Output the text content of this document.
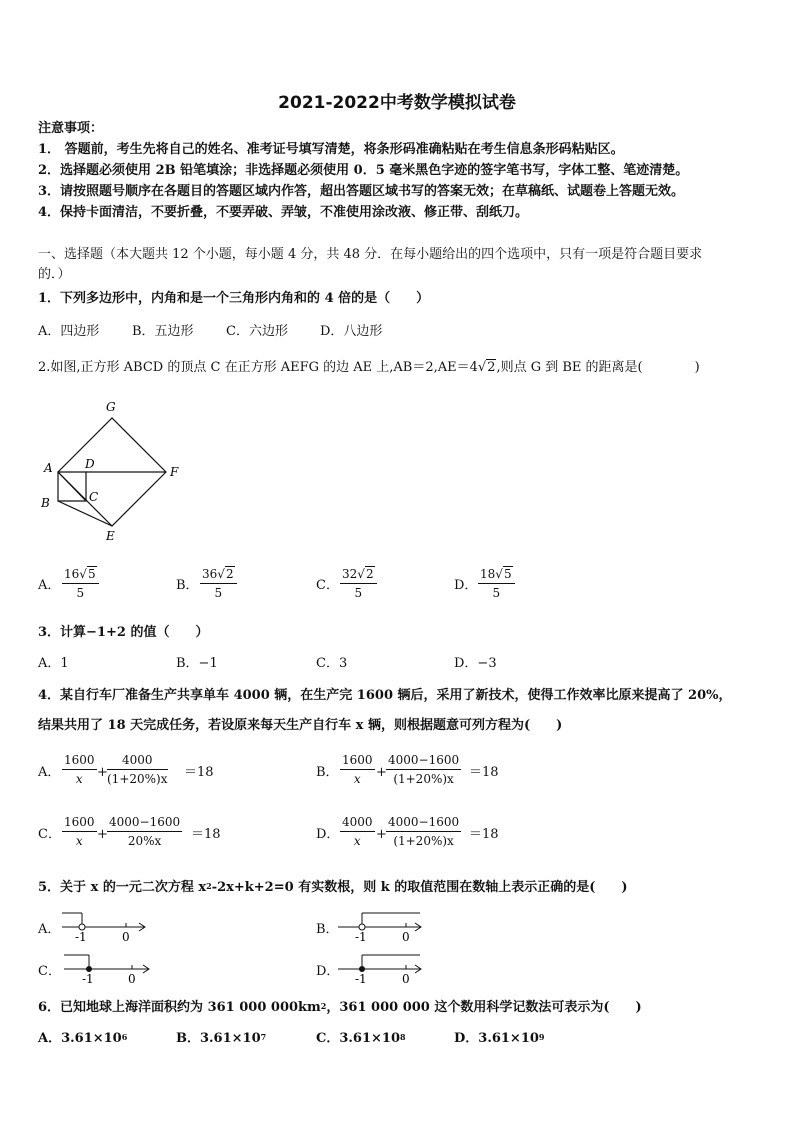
2021-2022中考数学模拟试卷
注意事项：
1． 答题前，考生先将自己的姓名、准考证号填写清楚，将条形码准确粘贴在考生信息条形码粘贴区。
2．选择题必须使用 2B 铅笔填涂；非选择题必须使用 0．5 毫米黑色字迹的签字笔书写，字体工整、笔迹清楚。
3．请按照题号顺序在各题目的答题区域内作答，超出答题区域书写的答案无效；在草稿纸、试题卷上答题无效。
4．保持卡面清洁，不要折叠，不要弄破、弄皱，不准使用涂改液、修正带、刮纸刀。
一、选择题（本大题共 12 个小题，每小题 4 分，共 48 分．在每小题给出的四个选项中，只有一项是符合题目要求
的．）
1．下列多边形中，内角和是一个三角形内角和的 4 倍的是（　　）
A．四边形	B．五边形 C．六边形 D．八边形
2.如图,正方形 ABCD 的顶点 C 在正方形 AEFG 的边 AE 上,AB＝2,AE＝4√2,则点 G 到 BE 的距离是(　　　　)
G
A	D
F
B	C
E
A． $\frac{16√5}{5}$	B． $\frac{36√2}{5}$	C． $\frac{32√2}{5}$	D． $\frac{18√5}{5}$
3．计算−1+2 的值（　　）
A．1	B．−1	C．3	D．−3
4．某自行车厂准备生产共享单车 4000 辆，在生产完 1600 辆后，采用了新技术，使得工作效率比原来提高了 20%，
结果共用了 18 天完成任务，若设原来每天生产自行车 x 辆，则根据题意可列方程为(　　)
A． $\frac{1600}{x} + \frac{4000}{(1+20\%)x} =18$	B． $\frac{1600}{x} + \frac{4000-1600}{(1+20\%)x} =18$
C． $\frac{1600}{x} + \frac{4000-1600}{20\%x} =18$	D． $\frac{4000}{x} + \frac{4000-1600}{(1+20\%)x} =18$
5．关于 x 的一元二次方程 $x^2-2x+k+2=0$ 有实数根，则 k 的取值范围在数轴上表示正确的是(　　)
A． -1	0	B． -1	0
C． -1	0	D． -1	0
6．已知地球上海洋面积约为 361 000 $000km^2$，361 000 000 这个数用科学记数法可表示为(　　)
A．$3.61\times 10^6$	B．$3.61\times 10^7$	C．$3.61\times 10^8$	D．$3.61\times 10^9$
